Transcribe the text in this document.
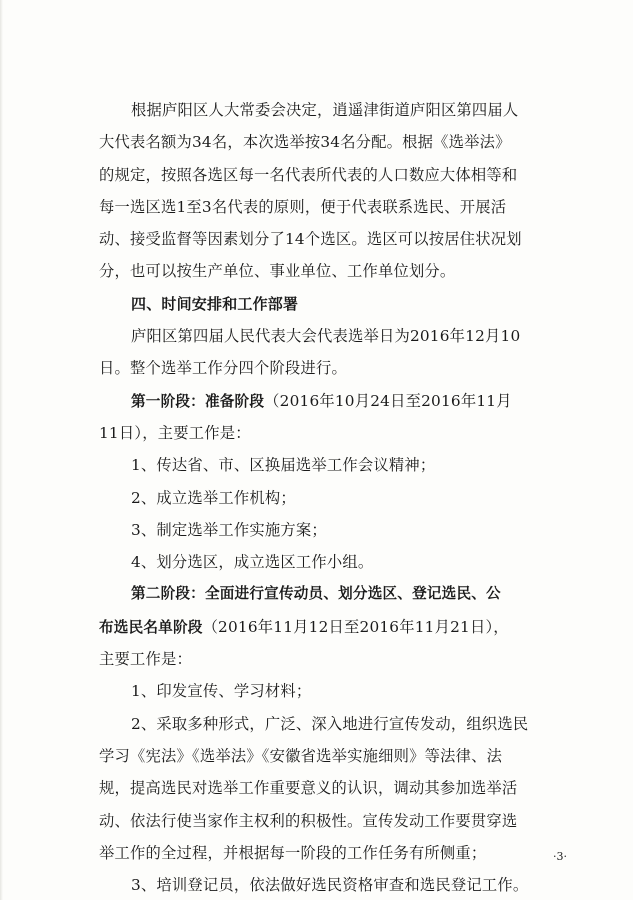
根据庐阳区人大常委会决定，逍遥津街道庐阳区第四届人
大代表名额为34名，本次选举按34名分配。根据《选举法》
的规定，按照各选区每一名代表所代表的人口数应大体相等和
每一选区选1至3名代表的原则，便于代表联系选民、开展活
动、接受监督等因素划分了14个选区。选区可以按居住状况划
分，也可以按生产单位、事业单位、工作单位划分。
四、时间安排和工作部署
庐阳区第四届人民代表大会代表选举日为2016年12月10
日。整个选举工作分四个阶段进行。
第一阶段：准备阶段（2016年10月24日至2016年11月
11日），主要工作是：
1、传达省、市、区换届选举工作会议精神；
2、成立选举工作机构；
3、制定选举工作实施方案；
4、划分选区，成立选区工作小组。
第二阶段：全面进行宣传动员、划分选区、登记选民、公
布选民名单阶段（2016年11月12日至2016年11月21日），
主要工作是：
1、印发宣传、学习材料；
2、采取多种形式，广泛、深入地进行宣传发动，组织选民
学习《宪法》《选举法》《安徽省选举实施细则》等法律、法
规，提高选民对选举工作重要意义的认识，调动其参加选举活
动、依法行使当家作主权利的积极性。宣传发动工作要贯穿选
举工作的全过程，并根据每一阶段的工作任务有所侧重；
3、培训登记员，依法做好选民资格审查和选民登记工作。
·3·
